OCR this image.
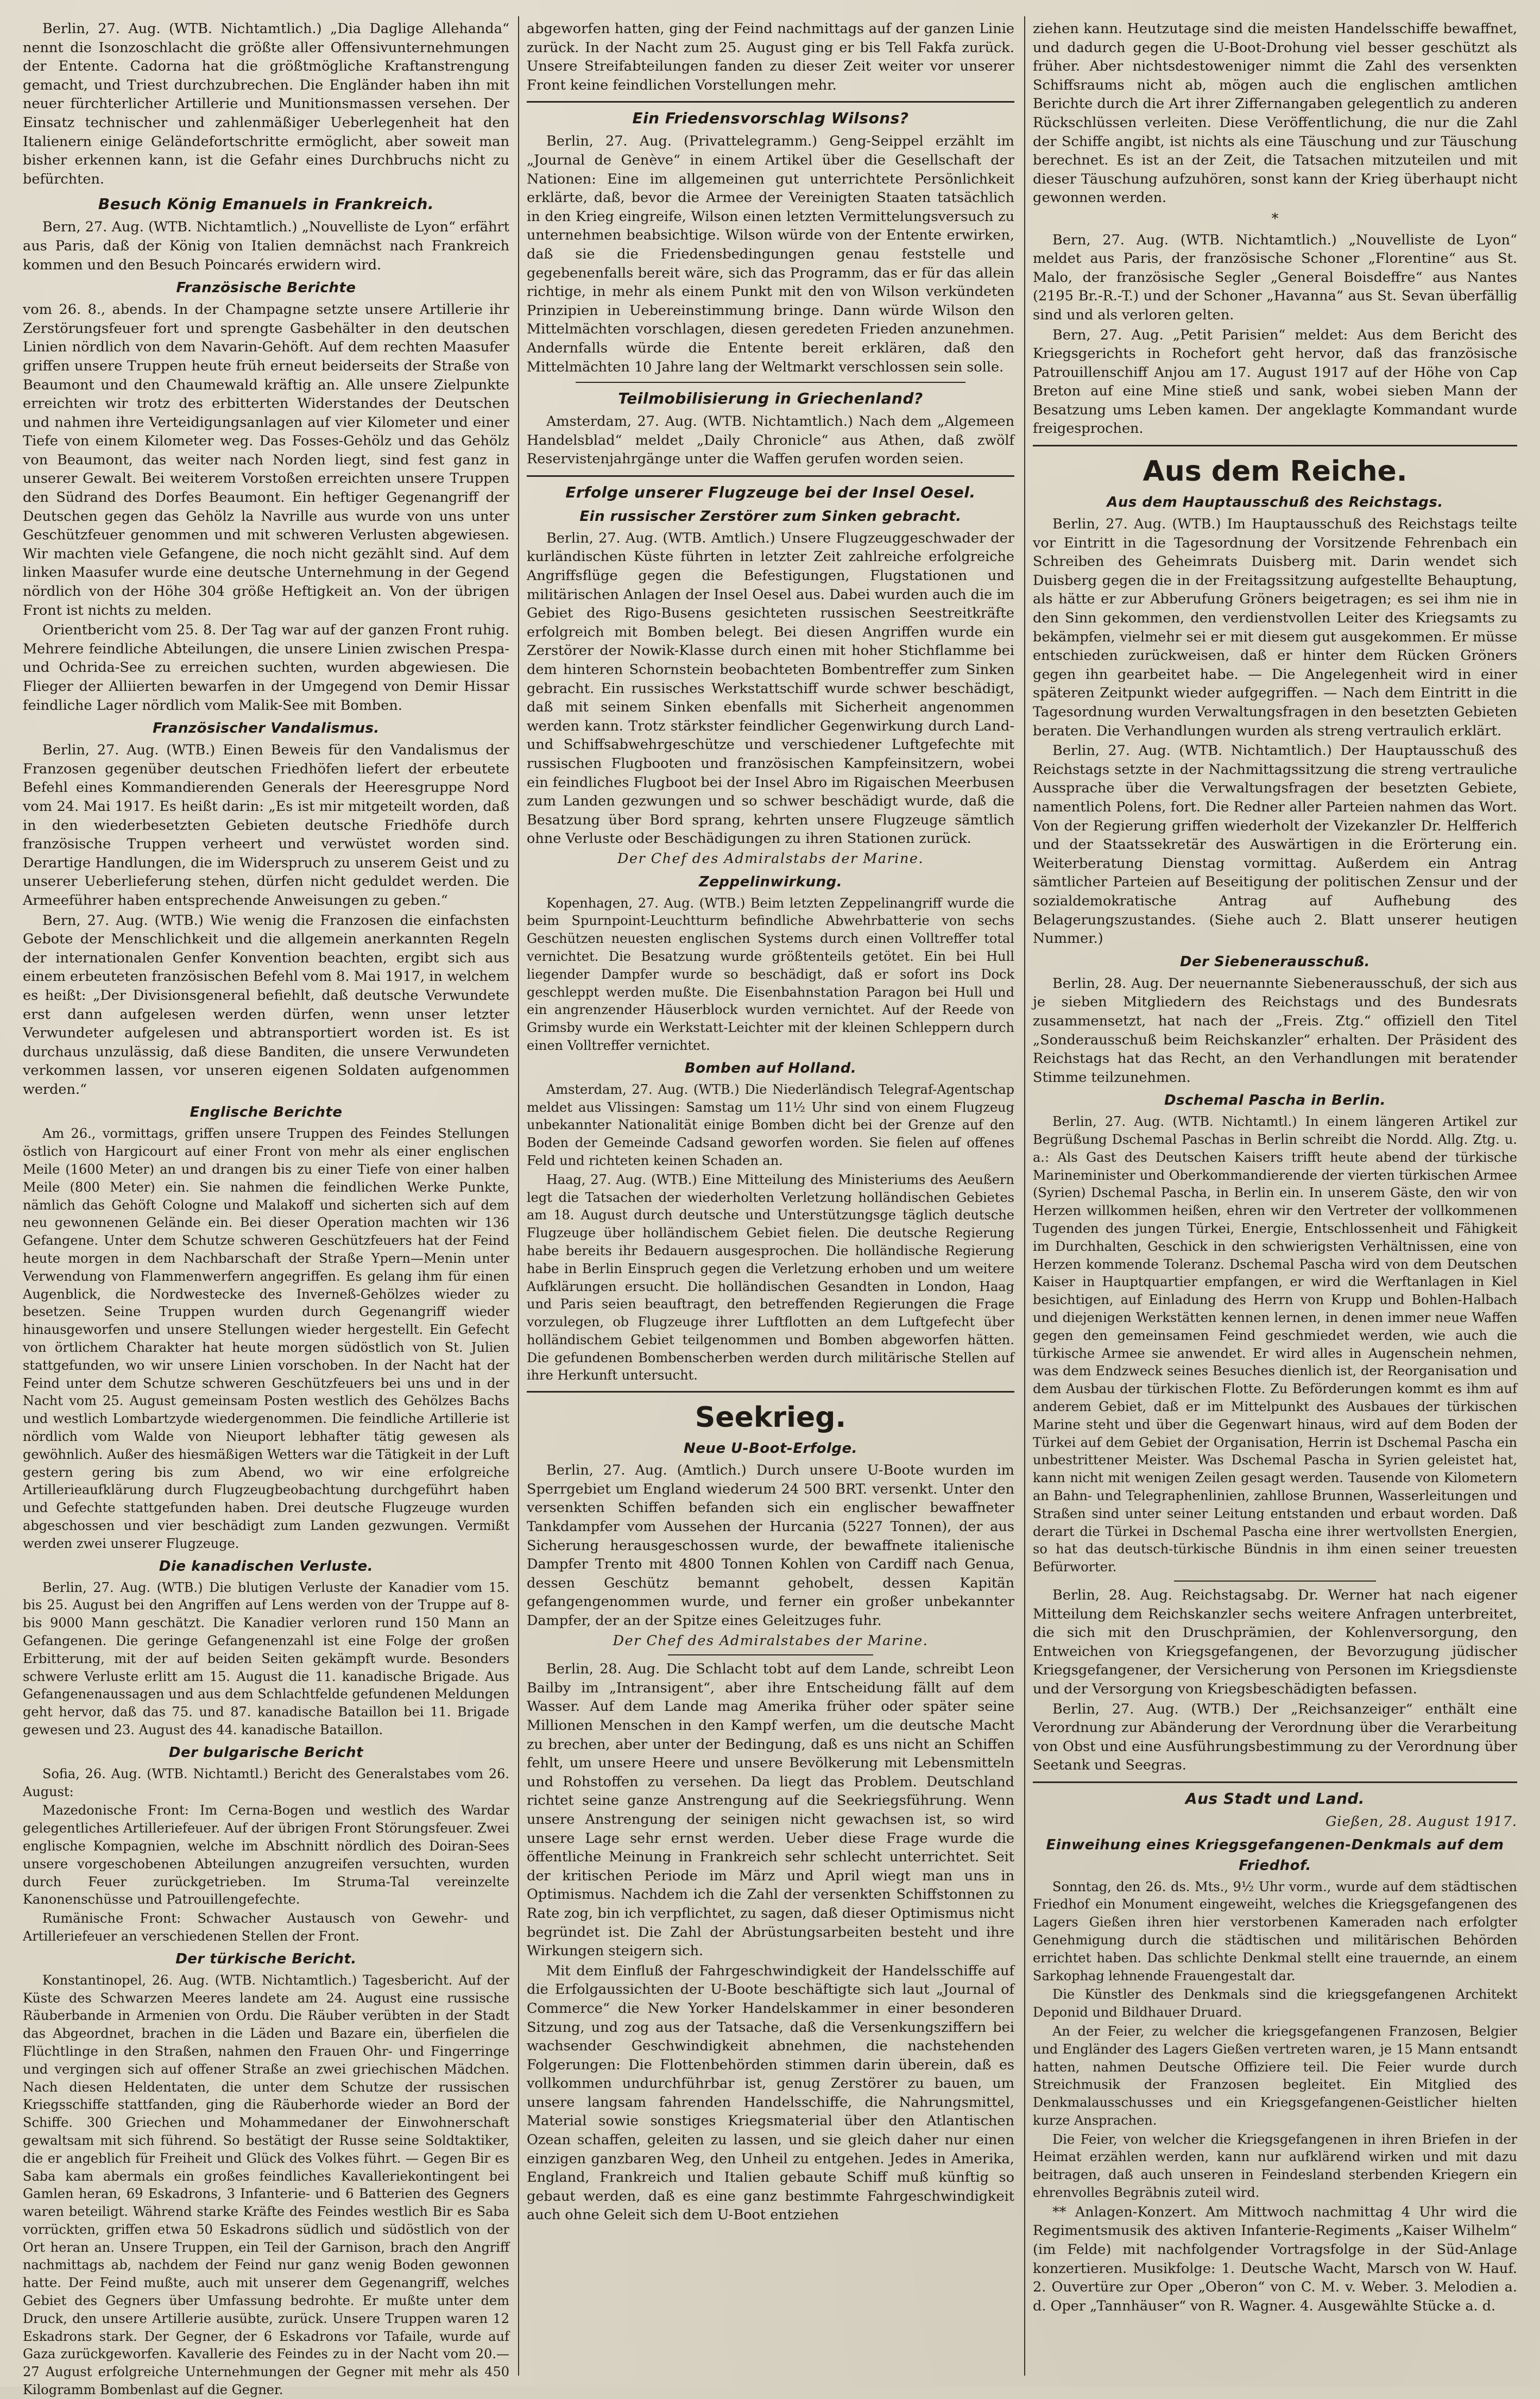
Berlin, 27. Aug. (WTB. Nichtamtlich.) „Dia Daglige Allehanda“ nennt die Isonzoschlacht die größte aller Offensivunternehmungen der Entente. Cadorna hat die größtmögliche Kraftanstrengung gemacht, und Triest durchzubrechen. Die Engländer haben ihn mit neuer fürchterlicher Artillerie und Munitionsmassen versehen. Der Einsatz technischer und zahlenmäßiger Ueberlegenheit hat den Italienern einige Geländefortschritte ermöglicht, aber soweit man bisher erkennen kann, ist die Gefahr eines Durchbruchs nicht zu befürchten.

Besuch König Emanuels in Frankreich.

Bern, 27. Aug. (WTB. Nichtamtlich.) „Nouvelliste de Lyon“ erfährt aus Paris, daß der König von Italien demnächst nach Frankreich kommen und den Besuch Poincarés erwidern wird.

Französische Berichte

vom 26. 8., abends. In der Champagne setzte unsere Artillerie ihr Zerstörungsfeuer fort und sprengte Gasbehälter in den deutschen Linien nördlich von dem Navarin-Gehöft. Auf dem rechten Maasufer griffen unsere Truppen heute früh erneut beiderseits der Straße von Beaumont und den Chaumewald kräftig an. Alle unsere Zielpunkte erreichten wir trotz des erbitterten Widerstandes der Deutschen und nahmen ihre Verteidigungsanlagen auf vier Kilometer und einer Tiefe von einem Kilometer weg. Das Fosses-Gehölz und das Gehölz von Beaumont, das weiter nach Norden liegt, sind fest ganz in unserer Gewalt. Bei weiterem Vorstoßen erreichten unsere Truppen den Südrand des Dorfes Beaumont. Ein heftiger Gegenangriff der Deutschen gegen das Gehölz la Navrille aus wurde von uns unter Geschützfeuer genommen und mit schweren Verlusten abgewiesen. Wir machten viele Gefangene, die noch nicht gezählt sind. Auf dem linken Maasufer wurde eine deutsche Unternehmung in der Gegend nördlich von der Höhe 304 größe Heftigkeit an. Von der übrigen Front ist nichts zu melden.

Orientbericht vom 25. 8. Der Tag war auf der ganzen Front ruhig. Mehrere feindliche Abteilungen, die unsere Linien zwischen Prespa- und Ochrida-See zu erreichen suchten, wurden abgewiesen. Die Flieger der Alliierten bewarfen in der Umgegend von Demir Hissar feindliche Lager nördlich vom Malik-See mit Bomben.

Französischer Vandalismus.

Berlin, 27. Aug. (WTB.) Einen Beweis für den Vandalismus der Franzosen gegenüber deutschen Friedhöfen liefert der erbeutete Befehl eines Kommandierenden Generals der Heeresgruppe Nord vom 24. Mai 1917. Es heißt darin: „Es ist mir mitgeteilt worden, daß in den wiederbesetzten Gebieten deutsche Friedhöfe durch französische Truppen verheert und verwüstet worden sind. Derartige Handlungen, die im Widerspruch zu unserem Geist und zu unserer Ueberlieferung stehen, dürfen nicht geduldet werden. Die Armeeführer haben entsprechende Anweisungen zu geben.“

Bern, 27. Aug. (WTB.) Wie wenig die Franzosen die einfachsten Gebote der Menschlichkeit und die allgemein anerkannten Regeln der internationalen Genfer Konvention beachten, ergibt sich aus einem erbeuteten französischen Befehl vom 8. Mai 1917, in welchem es heißt: „Der Divisionsgeneral befiehlt, daß deutsche Verwundete erst dann aufgelesen werden dürfen, wenn unser letzter Verwundeter aufgelesen und abtransportiert worden ist. Es ist durchaus unzulässig, daß diese Banditen, die unsere Verwundeten verkommen lassen, vor unseren eigenen Soldaten aufgenommen werden.“

Englische Berichte

Am 26., vormittags, griffen unsere Truppen des Feindes Stellungen östlich von Hargicourt auf einer Front von mehr als einer englischen Meile (1600 Meter) an und drangen bis zu einer Tiefe von einer halben Meile (800 Meter) ein. Sie nahmen die feindlichen Werke Punkte, nämlich das Gehöft Cologne und Malakoff und sicherten sich auf dem neu gewonnenen Gelände ein. Bei dieser Operation machten wir 136 Gefangene. Unter dem Schutze schweren Geschützfeuers hat der Feind heute morgen in dem Nachbarschaft der Straße Ypern—Menin unter Verwendung von Flammenwerfern angegriffen. Es gelang ihm für einen Augenblick, die Nordwestecke des Inverneß-Gehölzes wieder zu besetzen. Seine Truppen wurden durch Gegenangriff wieder hinausgeworfen und unsere Stellungen wieder hergestellt. Ein Gefecht von örtlichem Charakter hat heute morgen südöstlich von St. Julien stattgefunden, wo wir unsere Linien vorschoben. In der Nacht hat der Feind unter dem Schutze schweren Geschützfeuers bei uns und in der Nacht vom 25. August gemeinsam Posten westlich des Gehölzes Bachs und westlich Lombartzyde wiedergenommen. Die feindliche Artillerie ist nördlich vom Walde von Nieuport lebhafter tätig gewesen als gewöhnlich. Außer des hiesmäßigen Wetters war die Tätigkeit in der Luft gestern gering bis zum Abend, wo wir eine erfolgreiche Artillerieaufklärung durch Flugzeugbeobachtung durchgeführt haben und Gefechte stattgefunden haben. Drei deutsche Flugzeuge wurden abgeschossen und vier beschädigt zum Landen gezwungen. Vermißt werden zwei unserer Flugzeuge.

Die kanadischen Verluste.

Berlin, 27. Aug. (WTB.) Die blutigen Verluste der Kanadier vom 15. bis 25. August bei den Angriffen auf Lens werden von der Truppe auf 8- bis 9000 Mann geschätzt. Die Kanadier verloren rund 150 Mann an Gefangenen. Die geringe Gefangenenzahl ist eine Folge der großen Erbitterung, mit der auf beiden Seiten gekämpft wurde. Besonders schwere Verluste erlitt am 15. August die 11. kanadische Brigade. Aus Gefangenenaussagen und aus dem Schlachtfelde gefundenen Meldungen geht hervor, daß das 75. und 87. kanadische Bataillon bei 11. Brigade gewesen und 23. August des 44. kanadische Bataillon.

Der bulgarische Bericht

Sofia, 26. Aug. (WTB. Nichtamtl.) Bericht des Generalstabes vom 26. August:

Mazedonische Front: Im Cerna-Bogen und westlich des Wardar gelegentliches Artilleriefeuer. Auf der übrigen Front Störungsfeuer. Zwei englische Kompagnien, welche im Abschnitt nördlich des Doiran-Sees unsere vorgeschobenen Abteilungen anzugreifen versuchten, wurden durch Feuer zurückgetrieben. Im Struma-Tal vereinzelte Kanonenschüsse und Patrouillengefechte.

Rumänische Front: Schwacher Austausch von Gewehr- und Artilleriefeuer an verschiedenen Stellen der Front.

Der türkische Bericht.

Konstantinopel, 26. Aug. (WTB. Nichtamtlich.) Tagesbericht. Auf der Küste des Schwarzen Meeres landete am 24. August eine russische Räuberbande in Armenien von Ordu. Die Räuber verübten in der Stadt das Abgeordnet, brachen in die Läden und Bazare ein, überfielen die Flüchtlinge in den Straßen, nahmen den Frauen Ohr- und Fingerringe und vergingen sich auf offener Straße an zwei griechischen Mädchen. Nach diesen Heldentaten, die unter dem Schutze der russischen Kriegsschiffe stattfanden, ging die Räuberhorde wieder an Bord der Schiffe. 300 Griechen und Mohammedaner der Einwohnerschaft gewaltsam mit sich führend. So bestätigt der Russe seine Soldtaktiker, die er angeblich für Freiheit und Glück des Volkes führt. — Gegen Bir es Saba kam abermals ein großes feindliches Kavalleriekontingent bei Gamlen heran, 69 Eskadrons, 3 Infanterie- und 6 Batterien des Gegners waren beteiligt. Während starke Kräfte des Feindes westlich Bir es Saba vorrückten, griffen etwa 50 Eskadrons südlich und südöstlich von der Ort heran an. Unsere Truppen, ein Teil der Garnison, brach den Angriff nachmittags ab, nachdem der Feind nur ganz wenig Boden gewonnen hatte. Der Feind mußte, auch mit unserer dem Gegenangriff, welches Gebiet des Gegners über Umfassung bedrohte. Er mußte unter dem Druck, den unsere Artillerie ausübte, zurück. Unsere Truppen waren 12 Eskadrons stark. Der Gegner, der 6 Eskadrons vor Tafaile, wurde auf Gaza zurückgeworfen. Kavallerie des Feindes zu in der Nacht vom 20.—27 August erfolgreiche Unternehmungen der Gegner mit mehr als 450 Kilogramm Bombenlast auf die Gegner.

abgeworfen hatten, ging der Feind nachmittags auf der ganzen Linie zurück. In der Nacht zum 25. August ging er bis Tell Fakfa zurück. Unsere Streifabteilungen fanden zu dieser Zeit weiter vor unserer Front keine feindlichen Vorstellungen mehr.

Ein Friedensvorschlag Wilsons?

Berlin, 27. Aug. (Privattelegramm.) Geng-Seippel erzählt im „Journal de Genève“ in einem Artikel über die Gesellschaft der Nationen: Eine im allgemeinen gut unterrichtete Persönlichkeit erklärte, daß, bevor die Armee der Vereinigten Staaten tatsächlich in den Krieg eingreife, Wilson einen letzten Vermittelungsversuch zu unternehmen beabsichtige. Wilson würde von der Entente erwirken, daß sie die Friedensbedingungen genau feststelle und gegebenenfalls bereit wäre, sich das Programm, das er für das allein richtige, in mehr als einem Punkt mit den von Wilson verkündeten Prinzipien in Uebereinstimmung bringe. Dann würde Wilson den Mittelmächten vorschlagen, diesen geredeten Frieden anzunehmen. Andernfalls würde die Entente bereit erklären, daß den Mittelmächten 10 Jahre lang der Weltmarkt verschlossen sein solle.

Teilmobilisierung in Griechenland?

Amsterdam, 27. Aug. (WTB. Nichtamtlich.) Nach dem „Algemeen Handelsblad“ meldet „Daily Chronicle“ aus Athen, daß zwölf Reservistenjahrgänge unter die Waffen gerufen worden seien.

Erfolge unserer Flugzeuge bei der Insel Oesel.
Ein russischer Zerstörer zum Sinken gebracht.

Berlin, 27. Aug. (WTB. Amtlich.) Unsere Flugzeuggeschwader der kurländischen Küste führten in letzter Zeit zahlreiche erfolgreiche Angriffsflüge gegen die Befestigungen, Flugstationen und militärischen Anlagen der Insel Oesel aus. Dabei wurden auch die im Gebiet des Rigo-Busens gesichteten russischen Seestreitkräfte erfolgreich mit Bomben belegt. Bei diesen Angriffen wurde ein Zerstörer der Nowik-Klasse durch einen mit hoher Stichflamme bei dem hinteren Schornstein beobachteten Bombentreffer zum Sinken gebracht. Ein russisches Werkstattschiff wurde schwer beschädigt, daß mit seinem Sinken ebenfalls mit Sicherheit angenommen werden kann. Trotz stärkster feindlicher Gegenwirkung durch Land- und Schiffsabwehrgeschütze und verschiedener Luftgefechte mit russischen Flugbooten und französischen Kampfeinsitzern, wobei ein feindliches Flugboot bei der Insel Abro im Rigaischen Meerbusen zum Landen gezwungen und so schwer beschädigt wurde, daß die Besatzung über Bord sprang, kehrten unsere Flugzeuge sämtlich ohne Verluste oder Beschädigungen zu ihren Stationen zurück.

Der Chef des Admiralstabs der Marine.

Zeppelinwirkung.

Kopenhagen, 27. Aug. (WTB.) Beim letzten Zeppelinangriff wurde die beim Spurnpoint-Leuchtturm befindliche Abwehrbatterie von sechs Geschützen neuesten englischen Systems durch einen Volltreffer total vernichtet. Die Besatzung wurde größtenteils getötet. Ein bei Hull liegender Dampfer wurde so beschädigt, daß er sofort ins Dock geschleppt werden mußte. Die Eisenbahnstation Paragon bei Hull und ein angrenzender Häuserblock wurden vernichtet. Auf der Reede von Grimsby wurde ein Werkstatt-Leichter mit der kleinen Schleppern durch einen Volltreffer vernichtet.

Bomben auf Holland.

Amsterdam, 27. Aug. (WTB.) Die Niederländisch Telegraf-Agentschap meldet aus Vlissingen: Samstag um 11½ Uhr sind von einem Flugzeug unbekannter Nationalität einige Bomben dicht bei der Grenze auf den Boden der Gemeinde Cadsand geworfen worden. Sie fielen auf offenes Feld und richteten keinen Schaden an.

Haag, 27. Aug. (WTB.) Eine Mitteilung des Ministeriums des Aeußern legt die Tatsachen der wiederholten Verletzung holländischen Gebietes am 18. August durch deutsche und Unterstützungsge täglich deutsche Flugzeuge über holländischem Gebiet fielen. Die deutsche Regierung habe bereits ihr Bedauern ausgesprochen. Die holländische Regierung habe in Berlin Einspruch gegen die Verletzung erhoben und um weitere Aufklärungen ersucht. Die holländischen Gesandten in London, Haag und Paris seien beauftragt, den betreffenden Regierungen die Frage vorzulegen, ob Flugzeuge ihrer Luftflotten an dem Luftgefecht über holländischem Gebiet teilgenommen und Bomben abgeworfen hätten. Die gefundenen Bombenscherben werden durch militärische Stellen auf ihre Herkunft untersucht.

Seekrieg.
Neue U-Boot-Erfolge.

Berlin, 27. Aug. (Amtlich.) Durch unsere U-Boote wurden im Sperrgebiet um England wiederum 24 500 BRT. versenkt. Unter den versenkten Schiffen befanden sich ein englischer bewaffneter Tankdampfer vom Aussehen der Hurcania (5227 Tonnen), der aus Sicherung herausgeschossen wurde, der bewaffnete italienische Dampfer Trento mit 4800 Tonnen Kohlen von Cardiff nach Genua, dessen Geschütz bemannt gehobelt, dessen Kapitän gefangengenommen wurde, und ferner ein großer unbekannter Dampfer, der an der Spitze eines Geleitzuges fuhr.

Der Chef des Admiralstabes der Marine.

Berlin, 28. Aug. Die Schlacht tobt auf dem Lande, schreibt Leon Bailby im „Intransigent“, aber ihre Entscheidung fällt auf dem Wasser. Auf dem Lande mag Amerika früher oder später seine Millionen Menschen in den Kampf werfen, um die deutsche Macht zu brechen, aber unter der Bedingung, daß es uns nicht an Schiffen fehlt, um unsere Heere und unsere Bevölkerung mit Lebensmitteln und Rohstoffen zu versehen. Da liegt das Problem. Deutschland richtet seine ganze Anstrengung auf die Seekriegsführung. Wenn unsere Anstrengung der seinigen nicht gewachsen ist, so wird unsere Lage sehr ernst werden. Ueber diese Frage wurde die öffentliche Meinung in Frankreich sehr schlecht unterrichtet. Seit der kritischen Periode im März und April wiegt man uns in Optimismus. Nachdem ich die Zahl der versenkten Schiffstonnen zu Rate zog, bin ich verpflichtet, zu sagen, daß dieser Optimismus nicht begründet ist. Die Zahl der Abrüstungsarbeiten besteht und ihre Wirkungen steigern sich.

Mit dem Einfluß der Fahrgeschwindigkeit der Handelsschiffe auf die Erfolgaussichten der U-Boote beschäftigte sich laut „Journal of Commerce“ die New Yorker Handelskammer in einer besonderen Sitzung, und zog aus der Tatsache, daß die Versenkungsziffern bei wachsender Geschwindigkeit abnehmen, die nachstehenden Folgerungen: Die Flottenbehörden stimmen darin überein, daß es vollkommen undurchführbar ist, genug Zerstörer zu bauen, um unsere langsam fahrenden Handelsschiffe, die Nahrungsmittel, Material sowie sonstiges Kriegsmaterial über den Atlantischen Ozean schaffen, geleiten zu lassen, und sie gleich daher nur einen einzigen ganzbaren Weg, den Unheil zu entgehen. Jedes in Amerika, England, Frankreich und Italien gebaute Schiff muß künftig so gebaut werden, daß es eine ganz bestimmte Fahrgeschwindigkeit auch ohne Geleit sich dem U-Boot entziehen

ziehen kann. Heutzutage sind die meisten Handelsschiffe bewaffnet, und dadurch gegen die U-Boot-Drohung viel besser geschützt als früher. Aber nichtsdestoweniger nimmt die Zahl des versenkten Schiffsraums nicht ab, mögen auch die englischen amtlichen Berichte durch die Art ihrer Ziffernangaben gelegentlich zu anderen Rückschlüssen verleiten. Diese Veröffentlichung, die nur die Zahl der Schiffe angibt, ist nichts als eine Täuschung und zur Täuschung berechnet. Es ist an der Zeit, die Tatsachen mitzuteilen und mit dieser Täuschung aufzuhören, sonst kann der Krieg überhaupt nicht gewonnen werden.

*

Bern, 27. Aug. (WTB. Nichtamtlich.) „Nouvelliste de Lyon“ meldet aus Paris, der französische Schoner „Florentine“ aus St. Malo, der französische Segler „General Boisdeffre“ aus Nantes (2195 Br.-R.-T.) und der Schoner „Havanna“ aus St. Sevan überfällig sind und als verloren gelten.

Bern, 27. Aug. „Petit Parisien“ meldet: Aus dem Bericht des Kriegsgerichts in Rochefort geht hervor, daß das französische Patrouillenschiff Anjou am 17. August 1917 auf der Höhe von Cap Breton auf eine Mine stieß und sank, wobei sieben Mann der Besatzung ums Leben kamen. Der angeklagte Kommandant wurde freigesprochen.

Aus dem Reiche.
Aus dem Hauptausschuß des Reichstags.

Berlin, 27. Aug. (WTB.) Im Hauptausschuß des Reichstags teilte vor Eintritt in die Tagesordnung der Vorsitzende Fehrenbach ein Schreiben des Geheimrats Duisberg mit. Darin wendet sich Duisberg gegen die in der Freitagssitzung aufgestellte Behauptung, als hätte er zur Abberufung Gröners beigetragen; es sei ihm nie in den Sinn gekommen, den verdienstvollen Leiter des Kriegsamts zu bekämpfen, vielmehr sei er mit diesem gut ausgekommen. Er müsse entschieden zurückweisen, daß er hinter dem Rücken Gröners gegen ihn gearbeitet habe. — Die Angelegenheit wird in einer späteren Zeitpunkt wieder aufgegriffen. — Nach dem Eintritt in die Tagesordnung wurden Verwaltungsfragen in den besetzten Gebieten beraten. Die Verhandlungen wurden als streng vertraulich erklärt.

Berlin, 27. Aug. (WTB. Nichtamtlich.) Der Hauptausschuß des Reichstags setzte in der Nachmittagssitzung die streng vertrauliche Aussprache über die Verwaltungsfragen der besetzten Gebiete, namentlich Polens, fort. Die Redner aller Parteien nahmen das Wort. Von der Regierung griffen wiederholt der Vizekanzler Dr. Helfferich und der Staatssekretär des Auswärtigen in die Erörterung ein. Weiterberatung Dienstag vormittag. Außerdem ein Antrag sämtlicher Parteien auf Beseitigung der politischen Zensur und der sozialdemokratische Antrag auf Aufhebung des Belagerungszustandes. (Siehe auch 2. Blatt unserer heutigen Nummer.)

Der Siebenerausschuß.

Berlin, 28. Aug. Der neuernannte Siebenerausschuß, der sich aus je sieben Mitgliedern des Reichstags und des Bundesrats zusammensetzt, hat nach der „Freis. Ztg.“ offiziell den Titel „Sonderausschuß beim Reichskanzler“ erhalten. Der Präsident des Reichstags hat das Recht, an den Verhandlungen mit beratender Stimme teilzunehmen.

Dschemal Pascha in Berlin.

Berlin, 27. Aug. (WTB. Nichtamtl.) In einem längeren Artikel zur Begrüßung Dschemal Paschas in Berlin schreibt die Nordd. Allg. Ztg. u. a.: Als Gast des Deutschen Kaisers trifft heute abend der türkische Marineminister und Oberkommandierende der vierten türkischen Armee (Syrien) Dschemal Pascha, in Berlin ein. In unserem Gäste, den wir von Herzen willkommen heißen, ehren wir den Vertreter der vollkommenen Tugenden des jungen Türkei, Energie, Entschlossenheit und Fähigkeit im Durchhalten, Geschick in den schwierigsten Verhältnissen, eine von Herzen kommende Toleranz. Dschemal Pascha wird von dem Deutschen Kaiser in Hauptquartier empfangen, er wird die Werftanlagen in Kiel besichtigen, auf Einladung des Herrn von Krupp und Bohlen-Halbach und diejenigen Werkstätten kennen lernen, in denen immer neue Waffen gegen den gemeinsamen Feind geschmiedet werden, wie auch die türkische Armee sie anwendet. Er wird alles in Augenschein nehmen, was dem Endzweck seines Besuches dienlich ist, der Reorganisation und dem Ausbau der türkischen Flotte. Zu Beförderungen kommt es ihm auf anderem Gebiet, daß er im Mittelpunkt des Ausbaues der türkischen Marine steht und über die Gegenwart hinaus, wird auf dem Boden der Türkei auf dem Gebiet der Organisation, Herrin ist Dschemal Pascha ein unbestrittener Meister. Was Dschemal Pascha in Syrien geleistet hat, kann nicht mit wenigen Zeilen gesagt werden. Tausende von Kilometern an Bahn- und Telegraphenlinien, zahllose Brunnen, Wasserleitungen und Straßen sind unter seiner Leitung entstanden und erbaut worden. Daß derart die Türkei in Dschemal Pascha eine ihrer wertvollsten Energien, so hat das deutsch-türkische Bündnis in ihm einen seiner treuesten Befürworter.

Berlin, 28. Aug. Reichstagsabg. Dr. Werner hat nach eigener Mitteilung dem Reichskanzler sechs weitere Anfragen unterbreitet, die sich mit den Druschprämien, der Kohlenversorgung, den Entweichen von Kriegsgefangenen, der Bevorzugung jüdischer Kriegsgefangener, der Versicherung von Personen im Kriegsdienste und der Versorgung von Kriegsbeschädigten befassen.

Berlin, 27. Aug. (WTB.) Der „Reichsanzeiger“ enthält eine Verordnung zur Abänderung der Verordnung über die Verarbeitung von Obst und eine Ausführungsbestimmung zu der Verordnung über Seetank und Seegras.

Aus Stadt und Land.

Gießen, 28. August 1917.

Einweihung eines Kriegsgefangenen-Denkmals auf dem Friedhof.

Sonntag, den 26. ds. Mts., 9½ Uhr vorm., wurde auf dem städtischen Friedhof ein Monument eingeweiht, welches die Kriegsgefangenen des Lagers Gießen ihren hier verstorbenen Kameraden nach erfolgter Genehmigung durch die städtischen und militärischen Behörden errichtet haben. Das schlichte Denkmal stellt eine trauernde, an einem Sarkophag lehnende Frauengestalt dar.

Die Künstler des Denkmals sind die kriegsgefangenen Architekt Deponid und Bildhauer Druard.

An der Feier, zu welcher die kriegsgefangenen Franzosen, Belgier und Engländer des Lagers Gießen vertreten waren, je 15 Mann entsandt hatten, nahmen Deutsche Offiziere teil. Die Feier wurde durch Streichmusik der Franzosen begleitet. Ein Mitglied des Denkmalausschusses und ein Kriegsgefangenen-Geistlicher hielten kurze Ansprachen.

Die Feier, von welcher die Kriegsgefangenen in ihren Briefen in der Heimat erzählen werden, kann nur aufklärend wirken und mit dazu beitragen, daß auch unseren in Feindesland sterbenden Kriegern ein ehrenvolles Begräbnis zuteil wird.

** Anlagen-Konzert. Am Mittwoch nachmittag 4 Uhr wird die Regimentsmusik des aktiven Infanterie-Regiments „Kaiser Wilhelm“ (im Felde) mit nachfolgender Vortragsfolge in der Süd-Anlage konzertieren. Musikfolge: 1. Deutsche Wacht, Marsch von W. Hauf. 2. Ouvertüre zur Oper „Oberon“ von C. M. v. Weber. 3. Melodien a. d. Oper „Tannhäuser“ von R. Wagner. 4. Ausgewählte Stücke a. d.
